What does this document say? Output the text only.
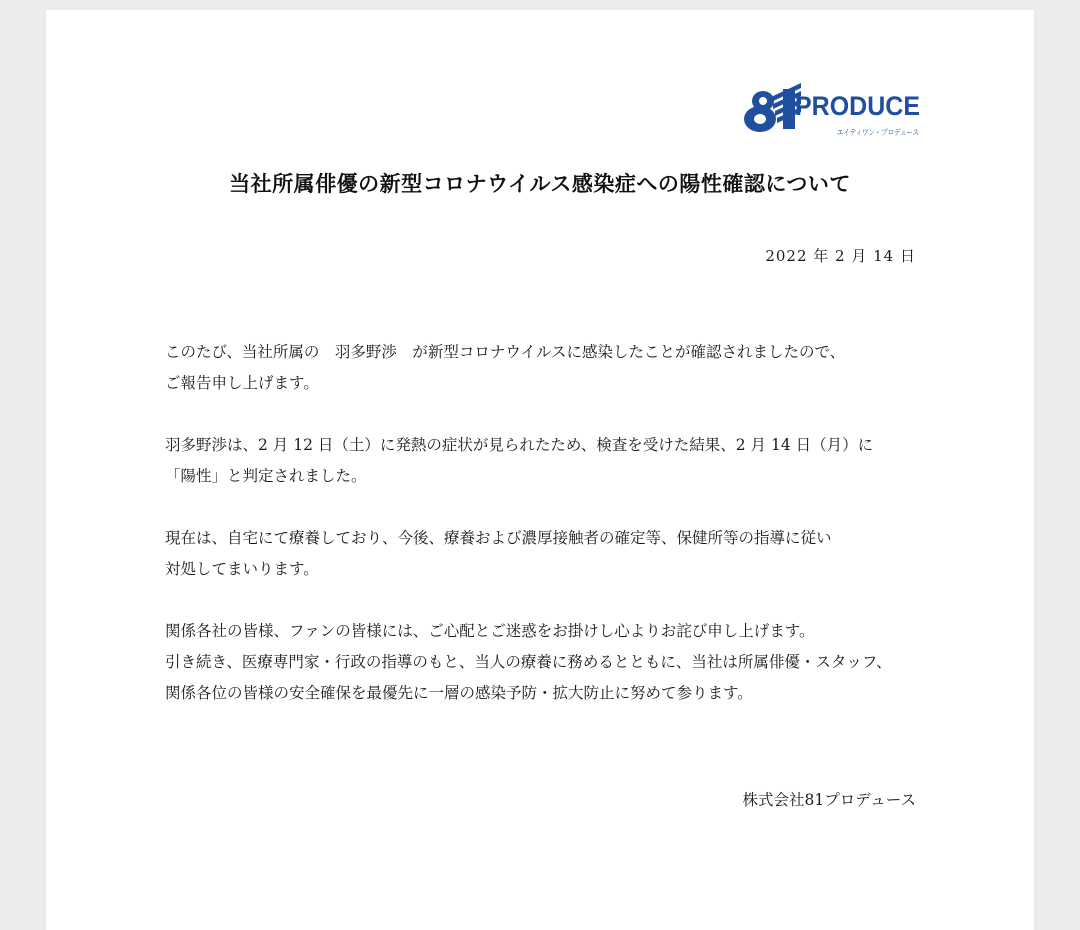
PRODUCE
エイティワン・プロデュース
当社所属俳優の新型コロナウイルス感染症への陽性確認について
2022 年 2 月 14 日
このたび、当社所属の　羽多野渉　が新型コロナウイルスに感染したことが確認されましたので、
ご報告申し上げます。
羽多野渉は、2 月 12 日（土）に発熱の症状が見られたため、検査を受けた結果、2 月 14 日（月）に
「陽性」と判定されました。
現在は、自宅にて療養しており、今後、療養および濃厚接触者の確定等、保健所等の指導に従い
対処してまいります。
関係各社の皆様、ファンの皆様には、ご心配とご迷惑をお掛けし心よりお詫び申し上げます。
引き続き、医療専門家・行政の指導のもと、当人の療養に務めるとともに、当社は所属俳優・スタッフ、
関係各位の皆様の安全確保を最優先に一層の感染予防・拡大防止に努めて参ります。
株式会社81プロデュース
